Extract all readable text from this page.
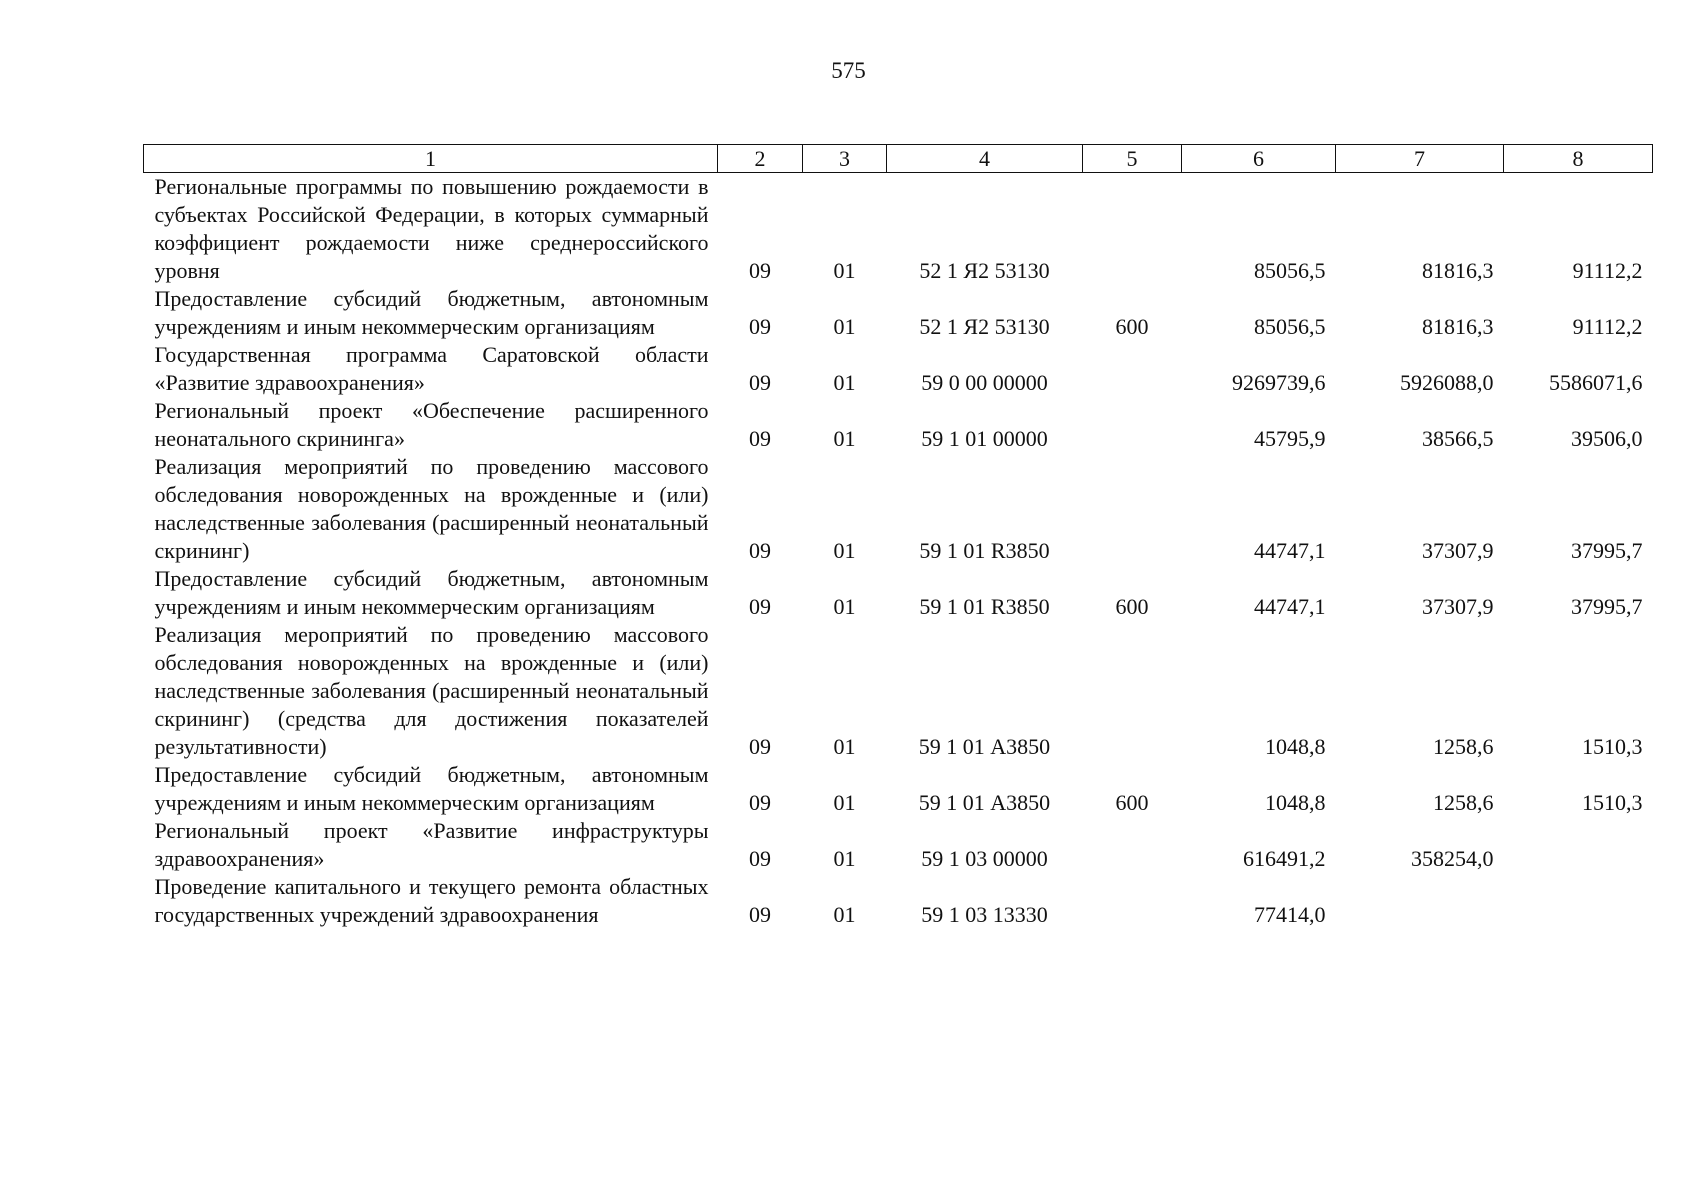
575
1	2	3	4	5	6	7	8
Региональные программы по повышению рождаемости в субъектах Российской Федерации, в которых суммарный коэффициент рождаемости ниже среднероссийского уровня	09	01	52 1 Я2 53130		85056,5	81816,3	91112,2
Предоставление субсидий бюджетным, автономным учреждениям и иным некоммерческим организациям	09	01	52 1 Я2 53130	600	85056,5	81816,3	91112,2
Государственная программа Саратовской области «Развитие здравоохранения»	09	01	59 0 00 00000		9269739,6	5926088,0	5586071,6
Региональный проект «Обеспечение расширенного неонатального скрининга»	09	01	59 1 01 00000		45795,9	38566,5	39506,0
Реализация мероприятий по проведению массового обследования новорожденных на врожденные и (или) наследственные заболевания (расширенный неонатальный скрининг)	09	01	59 1 01 R3850		44747,1	37307,9	37995,7
Предоставление субсидий бюджетным, автономным учреждениям и иным некоммерческим организациям	09	01	59 1 01 R3850	600	44747,1	37307,9	37995,7
Реализация мероприятий по проведению массового обследования новорожденных на врожденные и (или) наследственные заболевания (расширенный неонатальный скрининг) (средства для достижения показателей результативности)	09	01	59 1 01 А3850		1048,8	1258,6	1510,3
Предоставление субсидий бюджетным, автономным учреждениям и иным некоммерческим организациям	09	01	59 1 01 А3850	600	1048,8	1258,6	1510,3
Региональный проект «Развитие инфраструктуры здравоохранения»	09	01	59 1 03 00000		616491,2	358254,0	
Проведение капитального и текущего ремонта областных государственных учреждений здравоохранения	09	01	59 1 03 13330		77414,0		
